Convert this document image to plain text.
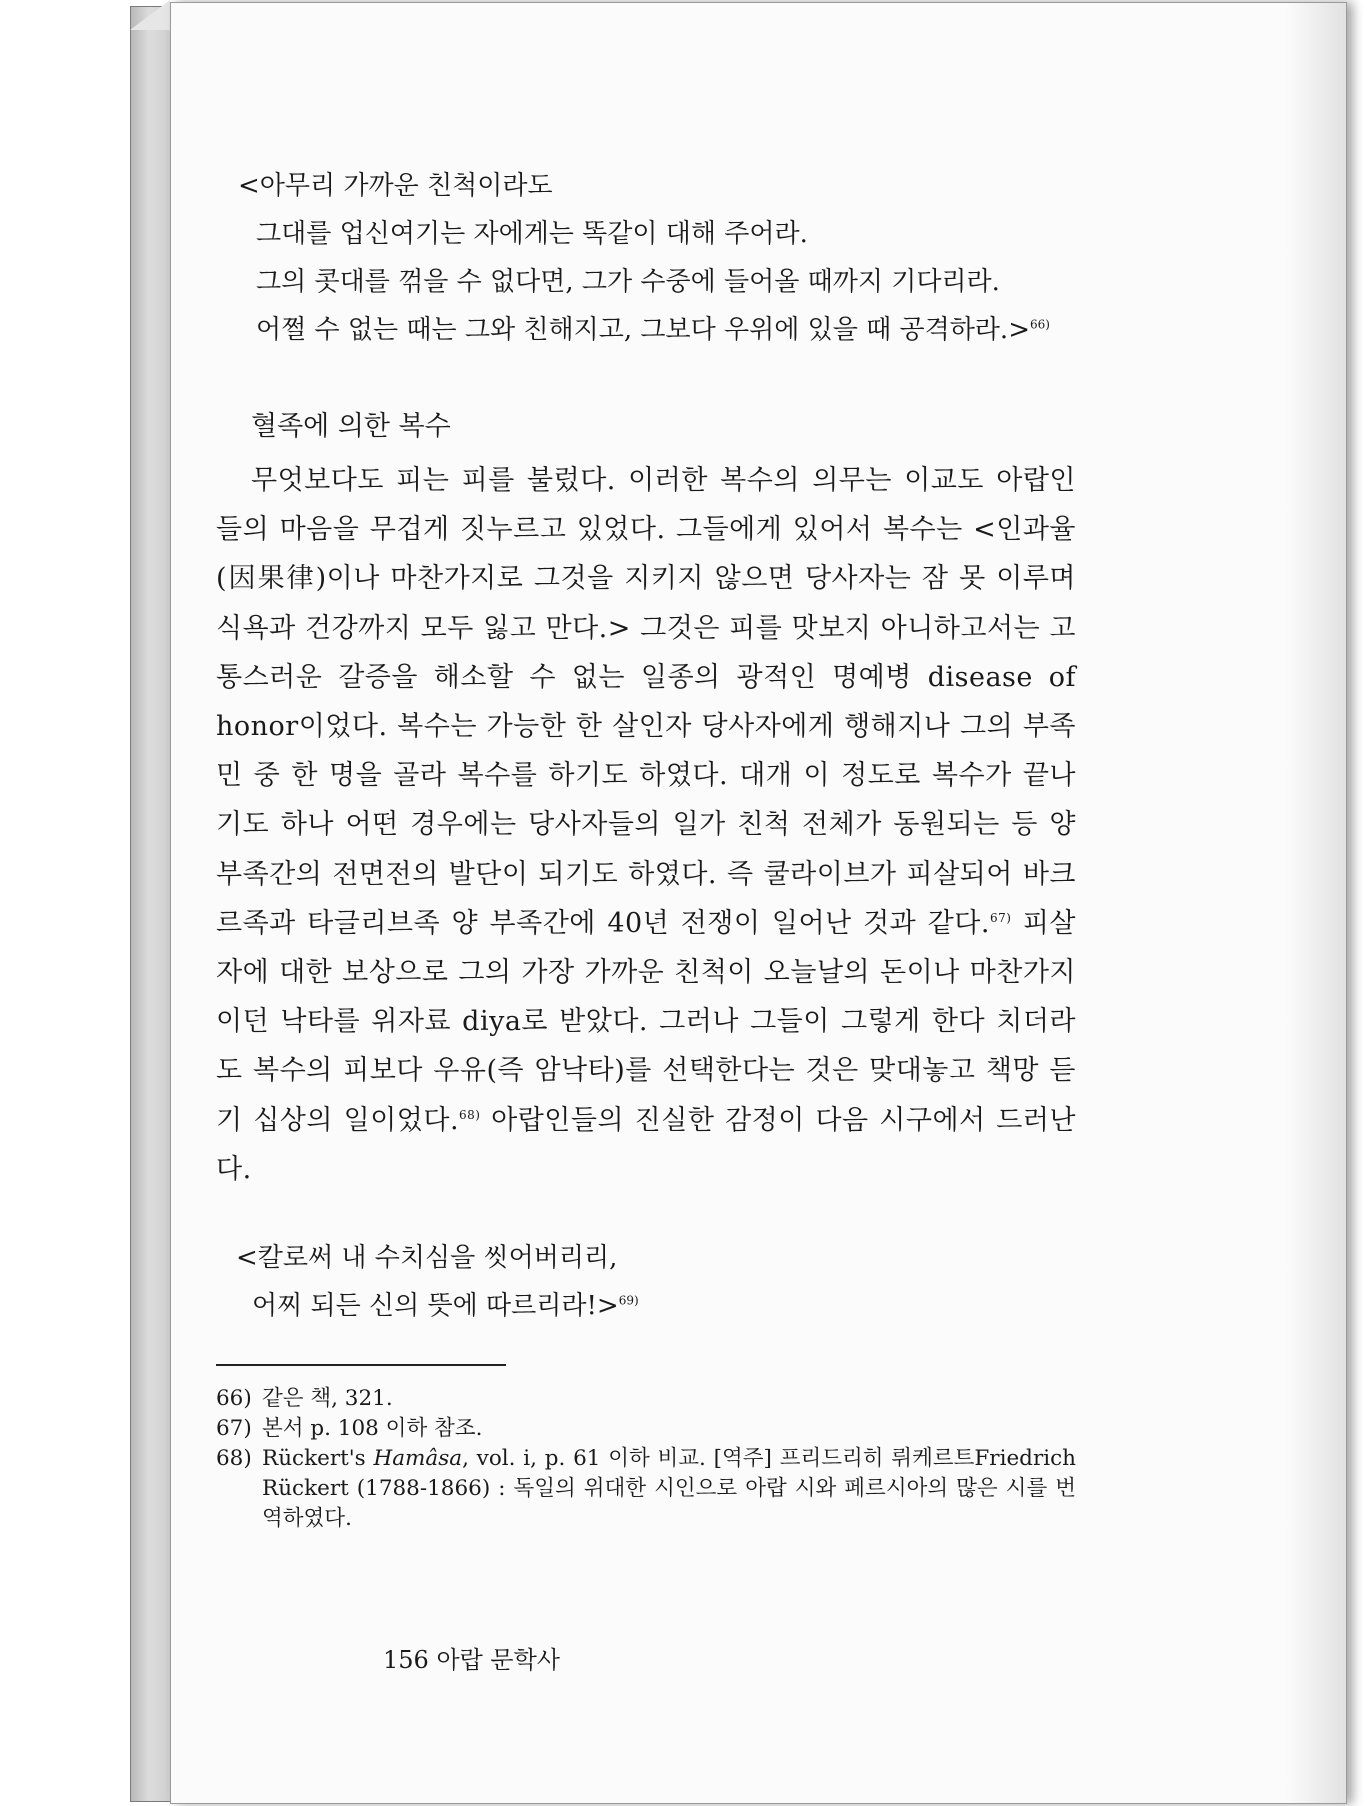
<아무리 가까운 친척이라도

그대를 업신여기는 자에게는 똑같이 대해 주어라.

그의 콧대를 꺾을 수 없다면, 그가 수중에 들어올 때까지 기다리라.

어쩔 수 없는 때는 그와 친해지고, 그보다 우위에 있을 때 공격하라.>$^{66)}$

혈족에 의한 복수

무엇보다도 피는 피를 불렀다. 이러한 복수의 의무는 이교도 아랍인들의 마음을 무겁게 짓누르고 있었다. 그들에게 있어서 복수는 <인과율(因果律)이나 마찬가지로 그것을 지키지 않으면 당사자는 잠 못 이루며 식욕과 건강까지 모두 잃고 만다.> 그것은 피를 맛보지 아니하고서는 고통스러운 갈증을 해소할 수 없는 일종의 광적인 명예병 disease of honor이었다. 복수는 가능한 한 살인자 당사자에게 행해지나 그의 부족민 중 한 명을 골라 복수를 하기도 하였다. 대개 이 정도로 복수가 끝나기도 하나 어떤 경우에는 당사자들의 일가 친척 전체가 동원되는 등 양 부족간의 전면전의 발단이 되기도 하였다. 즉 쿨라이브가 피살되어 바크르족과 타글리브족 양 부족간에 40년 전쟁이 일어난 것과 같다.$^{67)}$ 피살자에 대한 보상으로 그의 가장 가까운 친척이 오늘날의 돈이나 마찬가지이던 낙타를 위자료 diya로 받았다. 그러나 그들이 그렇게 한다 치더라도 복수의 피보다 우유(즉 암낙타)를 선택한다는 것은 맞대놓고 책망 듣기 십상의 일이었다.$^{68)}$ 아랍인들의 진실한 감정이 다음 시구에서 드러난다.

<칼로써 내 수치심을 씻어버리리,

어찌 되든 신의 뜻에 따르리라!>$^{69)}$

66) 같은 책, 321.
67) 본서 p. 108 이하 참조.
68) Rückert's Hamâsa, vol. i, p. 61 이하 비교. [역주] 프리드리히 뤼케르트Friedrich Rückert (1788-1866) : 독일의 위대한 시인으로 아랍 시와 페르시아의 많은 시를 번역하였다.
156 아랍 문학사
